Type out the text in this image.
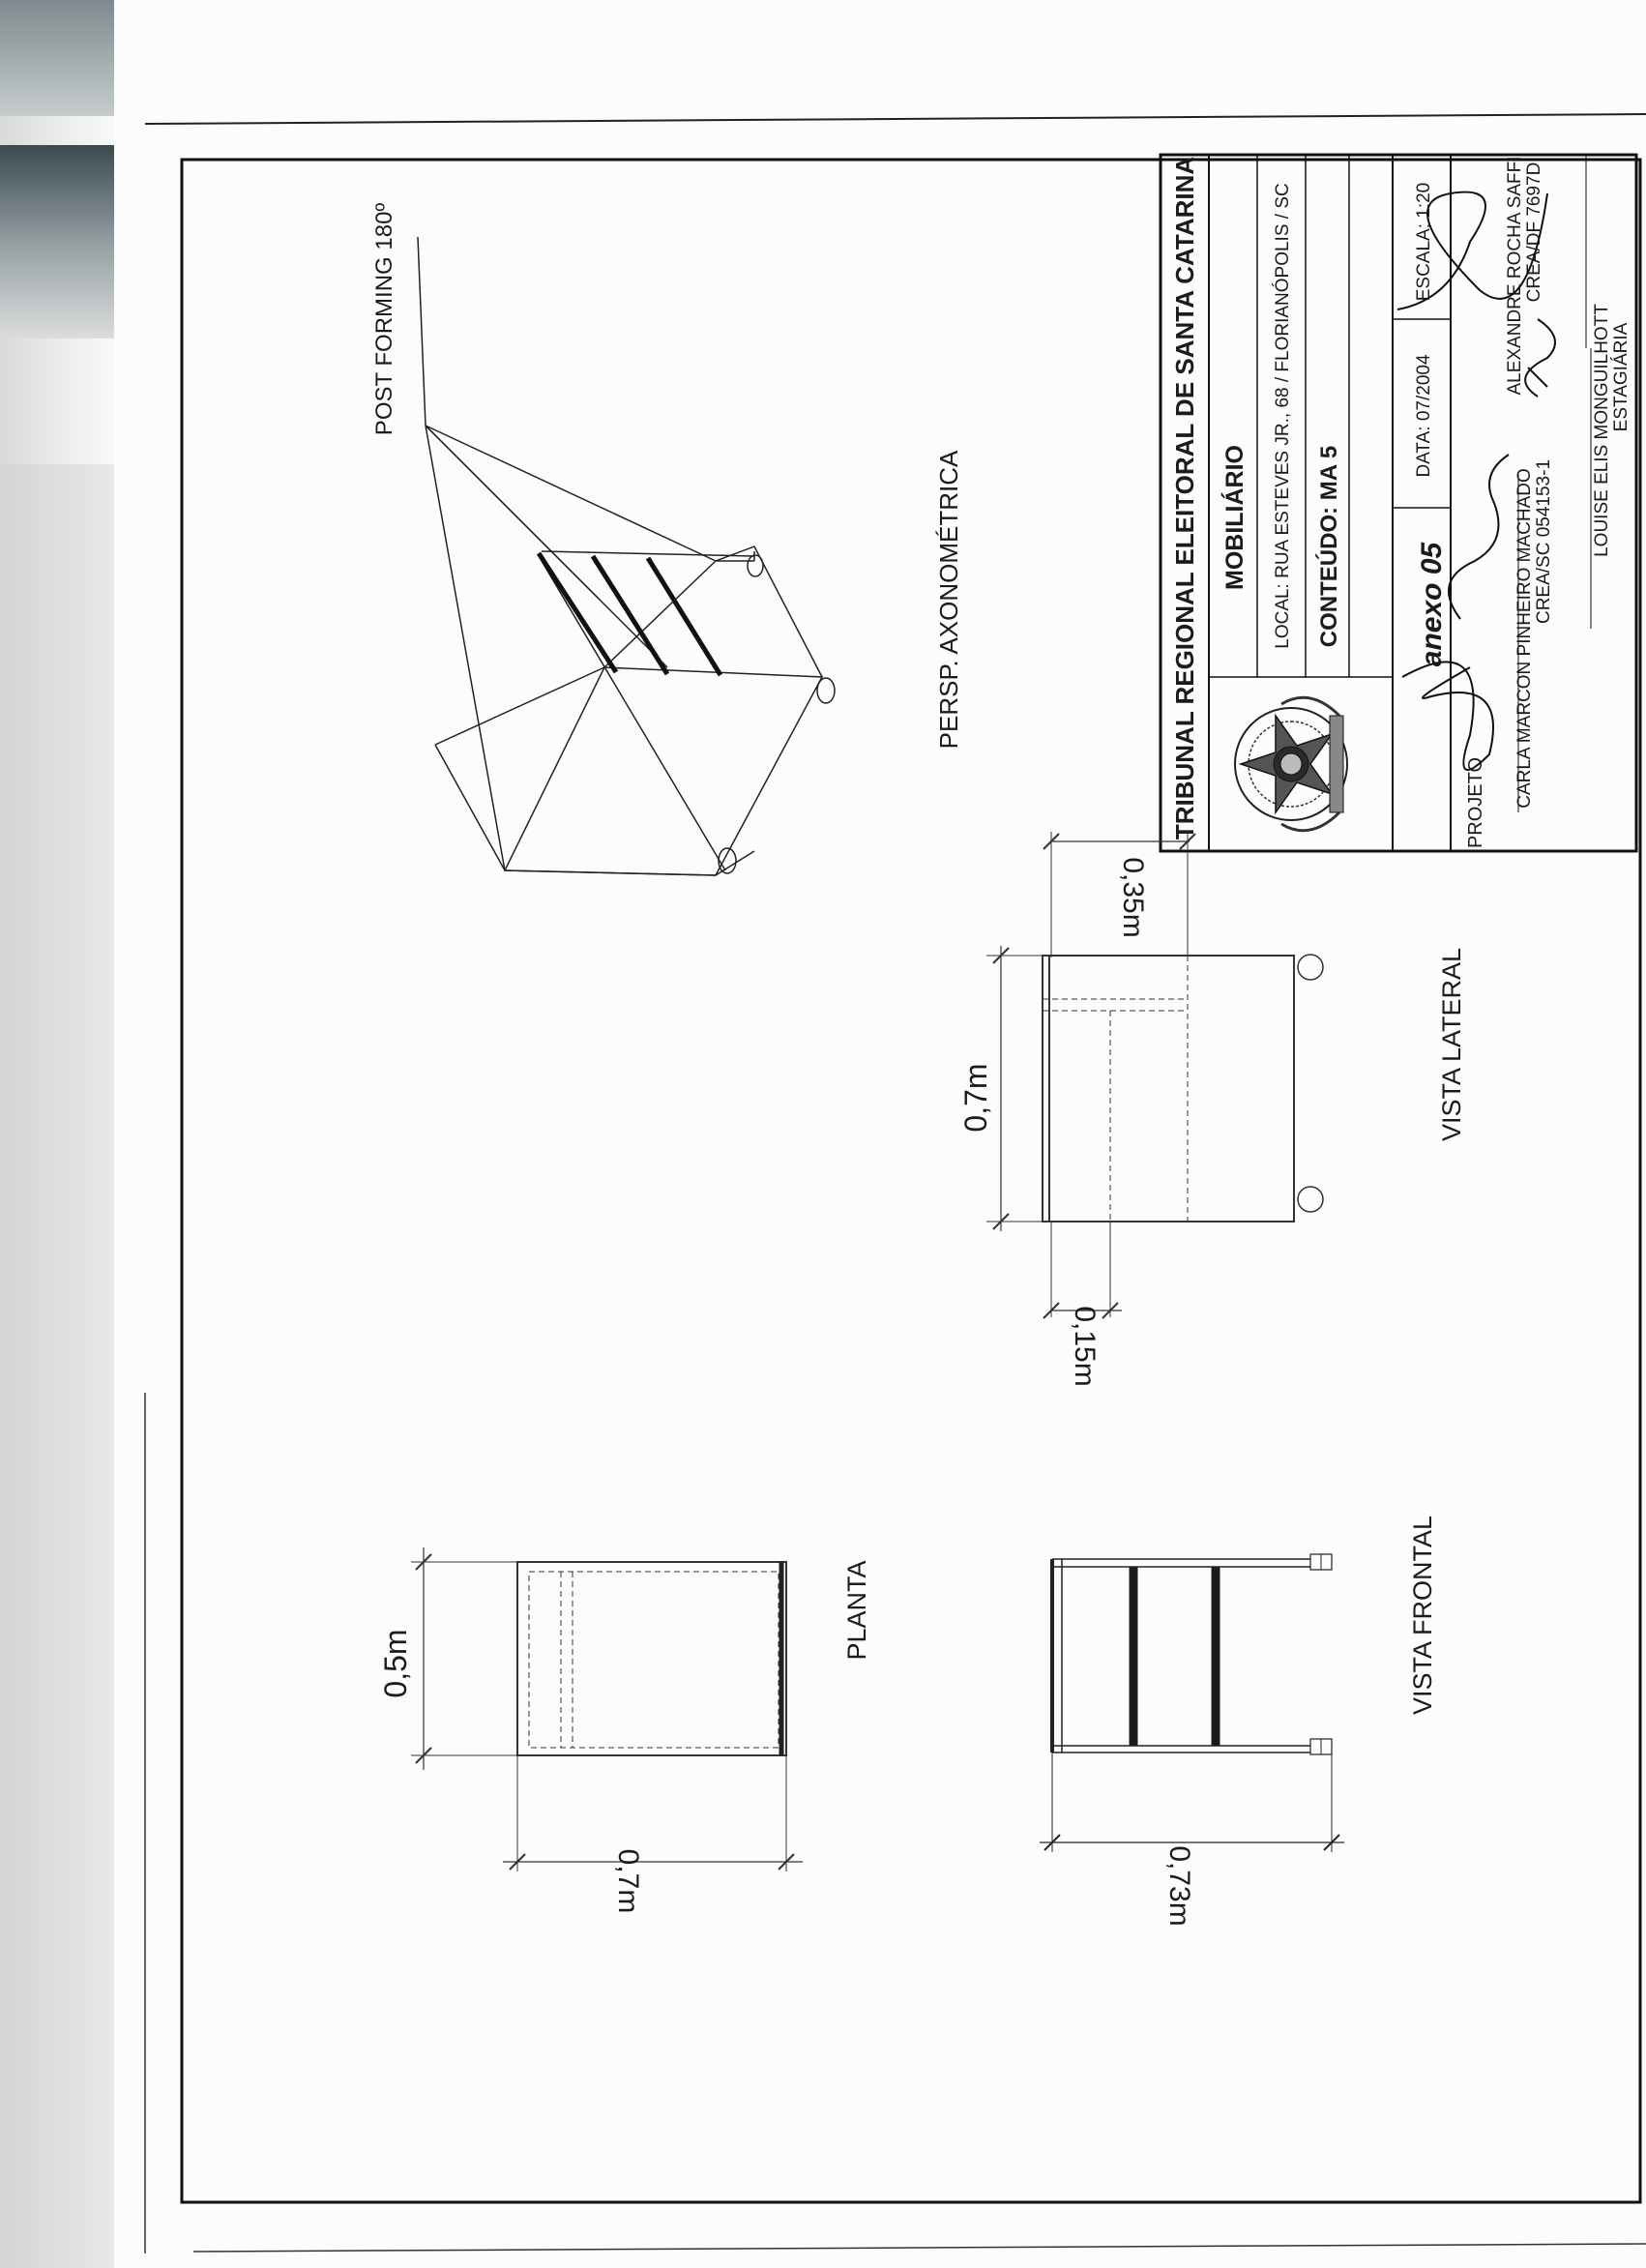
TRIBUNAL REGIONAL ELEITORAL DE SANTA CATARINA MOBILIÁRIO LOCAL: RUA ESTEVES JR., 68 / FLORIANÓPOLIS / SC CONTEÚDO: MA 5	anexo 05
DATA: 07/2004
ESCALA: 1:20
PROJETO CARLA MARCON PINHEIRO MACHADO CREA/SC 054153-1
ALEXANDRE ROCHA SAFFI CREA/DF 7697D
LOUISE ELIS MONGUILHOTT ESTAGIÁRIA
PERSP. AXONOMÉTRICA
POST FORMING 180º
0,35m
0,7m
0,15m
VISTA LATERAL
0,5m
0,7m
PLANTA
0,73m
VISTA FRONTAL
